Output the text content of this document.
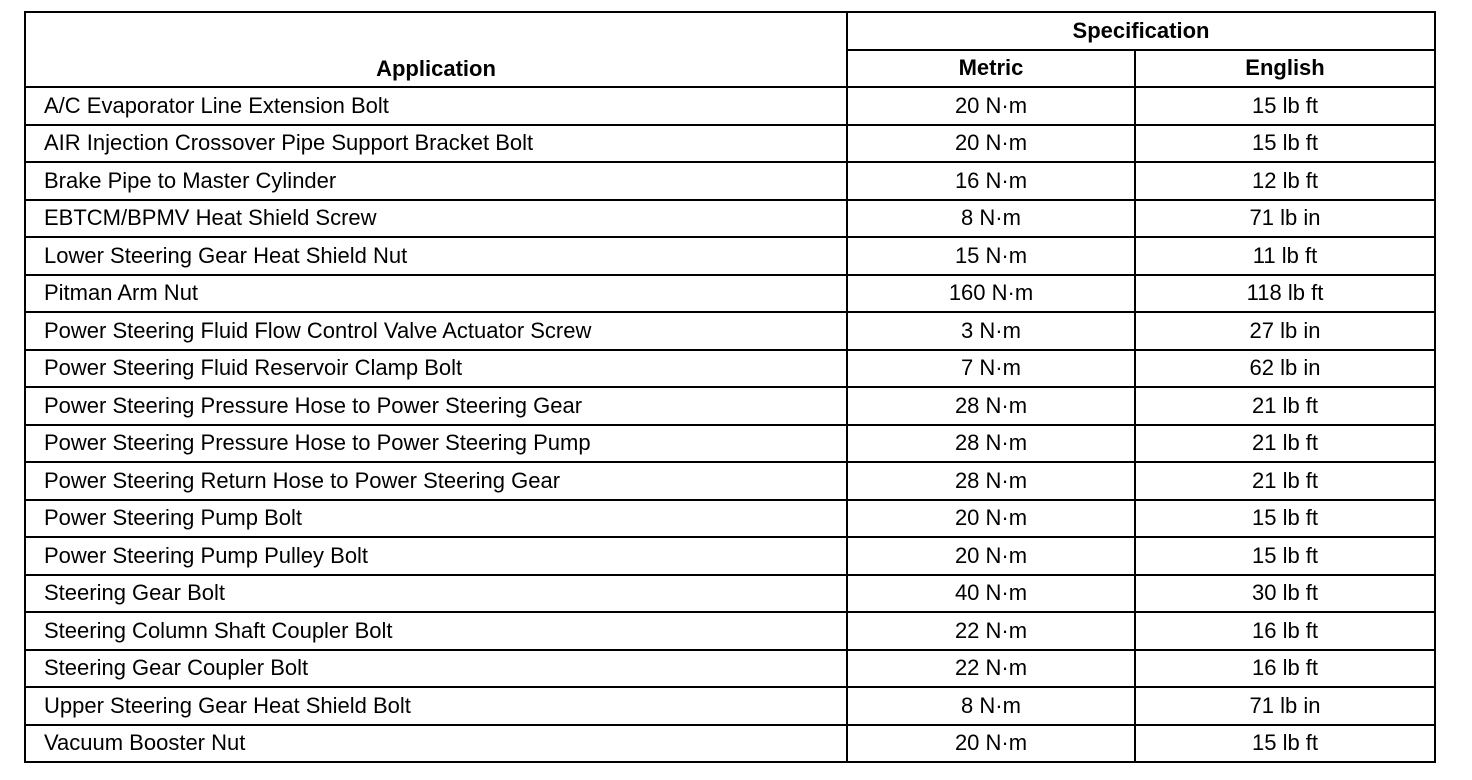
Application	Specification	
	Metric	English
A/C Evaporator Line Extension Bolt	20 N·m	15 lb ft
AIR Injection Crossover Pipe Support Bracket Bolt	20 N·m	15 lb ft
Brake Pipe to Master Cylinder	16 N·m	12 lb ft
EBTCM/BPMV Heat Shield Screw	8 N·m	71 lb in
Lower Steering Gear Heat Shield Nut	15 N·m	11 lb ft
Pitman Arm Nut	160 N·m	118 lb ft
Power Steering Fluid Flow Control Valve Actuator Screw	3 N·m	27 lb in
Power Steering Fluid Reservoir Clamp Bolt	7 N·m	62 lb in
Power Steering Pressure Hose to Power Steering Gear	28 N·m	21 lb ft
Power Steering Pressure Hose to Power Steering Pump	28 N·m	21 lb ft
Power Steering Return Hose to Power Steering Gear	28 N·m	21 lb ft
Power Steering Pump Bolt	20 N·m	15 lb ft
Power Steering Pump Pulley Bolt	20 N·m	15 lb ft
Steering Gear Bolt	40 N·m	30 lb ft
Steering Column Shaft Coupler Bolt	22 N·m	16 lb ft
Steering Gear Coupler Bolt	22 N·m	16 lb ft
Upper Steering Gear Heat Shield Bolt	8 N·m	71 lb in
Vacuum Booster Nut	20 N·m	15 lb ft
